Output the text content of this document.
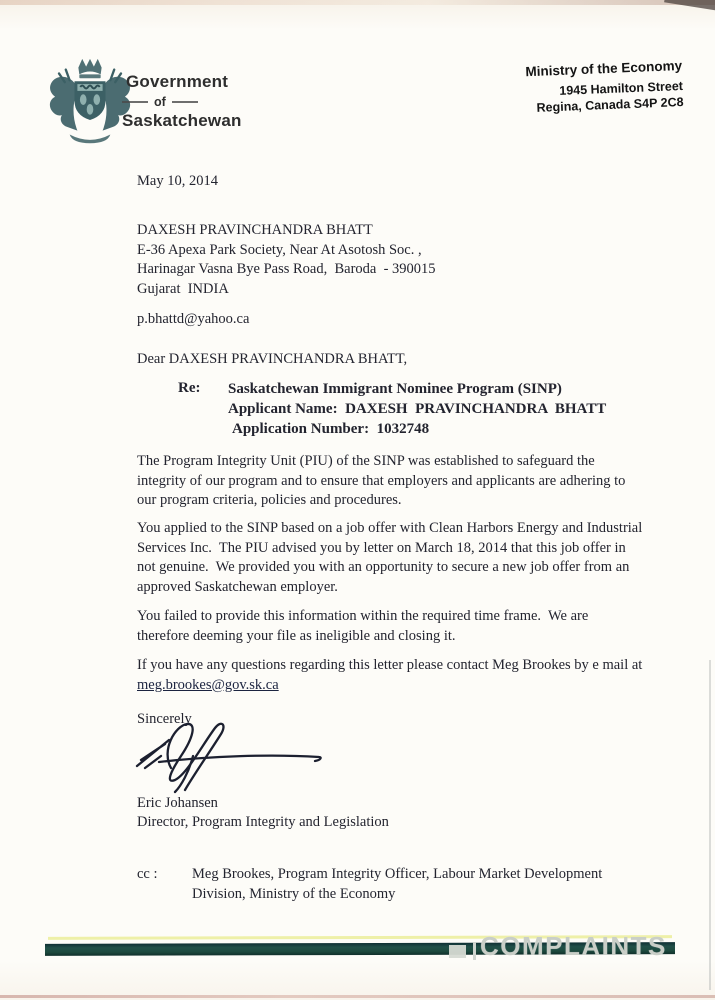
Government
of
Saskatchewan
Ministry of the Economy
1945 Hamilton Street
Regina, Canada S4P 2C8
May 10, 2014
DAXESH PRAVINCHANDRA BHATT
E-36 Apexa Park Society, Near At Asotosh Soc. ,
Harinagar Vasna Bye Pass Road,  Baroda  - 390015
Gujarat  INDIA
p.bhattd@yahoo.ca
Dear DAXESH PRAVINCHANDRA BHATT,
Re: Saskatchewan Immigrant Nominee Program (SINP)
Applicant Name:  DAXESH  PRAVINCHANDRA  BHATT
Application Number:  1032748
The Program Integrity Unit (PIU) of the SINP was established to safeguard the
integrity of our program and to ensure that employers and applicants are adhering to
our program criteria, policies and procedures.
You applied to the SINP based on a job offer with Clean Harbors Energy and Industrial
Services Inc.  The PIU advised you by letter on March 18, 2014 that this job offer in
not genuine.  We provided you with an opportunity to secure a new job offer from an
approved Saskatchewan employer.
You failed to provide this information within the required time frame.  We are
therefore deeming your file as ineligible and closing it.
If you have any questions regarding this letter please contact Meg Brookes by e mail at
meg.brookes@gov.sk.ca
Sincerely
Eric Johansen
Director, Program Integrity and Legislation
cc : Meg Brookes, Program Integrity Officer, Labour Market Development
Division, Ministry of the Economy
COMPLAINTS
